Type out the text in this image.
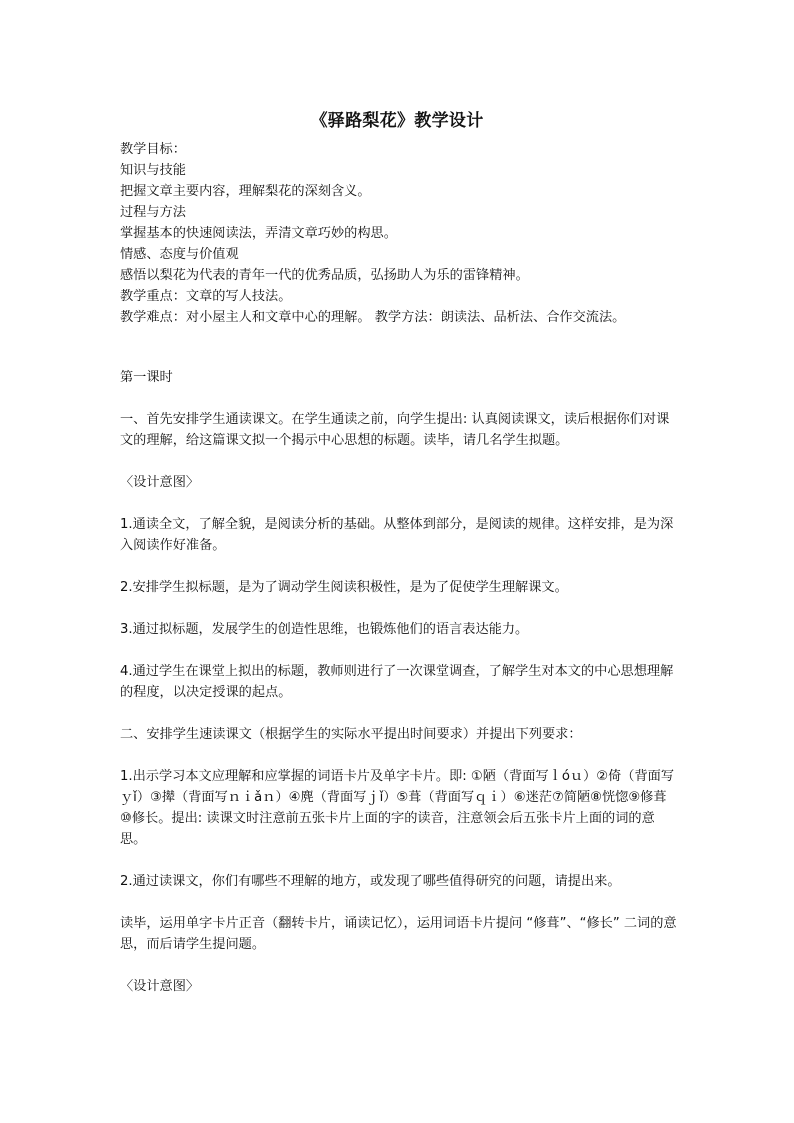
《驿路梨花》教学设计

教学目标：

知识与技能

把握文章主要内容，理解梨花的深刻含义。

过程与方法

掌握基本的快速阅读法，弄清文章巧妙的构思。

情感、态度与价值观

感悟以梨花为代表的青年一代的优秀品质，弘扬助人为乐的雷锋精神。

教学重点：文章的写人技法。

教学难点：对小屋主人和文章中心的理解。 教学方法：朗读法、品析法、合作交流法。

第一课时

一、首先安排学生通读课文。在学生通读之前，向学生提出: 认真阅读课文，读后根据你们对课文的理解，给这篇课文拟一个揭示中心思想的标题。读毕，请几名学生拟题。

〈设计意图〉

1.通读全文，了解全貌，是阅读分析的基础。从整体到部分，是阅读的规律。这样安排，是为深入阅读作好准备。

2.安排学生拟标题，是为了调动学生阅读积极性，是为了促使学生理解课文。

3.通过拟标题，发展学生的创造性思维，也锻炼他们的语言表达能力。

4.通过学生在课堂上拟出的标题，教师则进行了一次课堂调查，了解学生对本文的中心思想理解的程度，以决定授课的起点。

二、安排学生速读课文（根据学生的实际水平提出时间要求）并提出下列要求：

1.出示学习本文应理解和应掌握的词语卡片及单字卡片。即: ①陋（背面写ｌóｕ）②倚（背面写ｙǐ）③撵（背面写ｎｉǎｎ）④麂（背面写ｊǐ）⑤葺（背面写ｑｉ）⑥迷茫⑦简陋⑧恍惚⑨修葺⑩修长。提出: 读课文时注意前五张卡片上面的字的读音，注意领会后五张卡片上面的词的意思。

2.通过读课文，你们有哪些不理解的地方，或发现了哪些值得研究的问题，请提出来。

读毕，运用单字卡片正音（翻转卡片，诵读记忆），运用词语卡片提问 “修葺”、“修长” 二词的意思，而后请学生提问题。

〈设计意图〉
